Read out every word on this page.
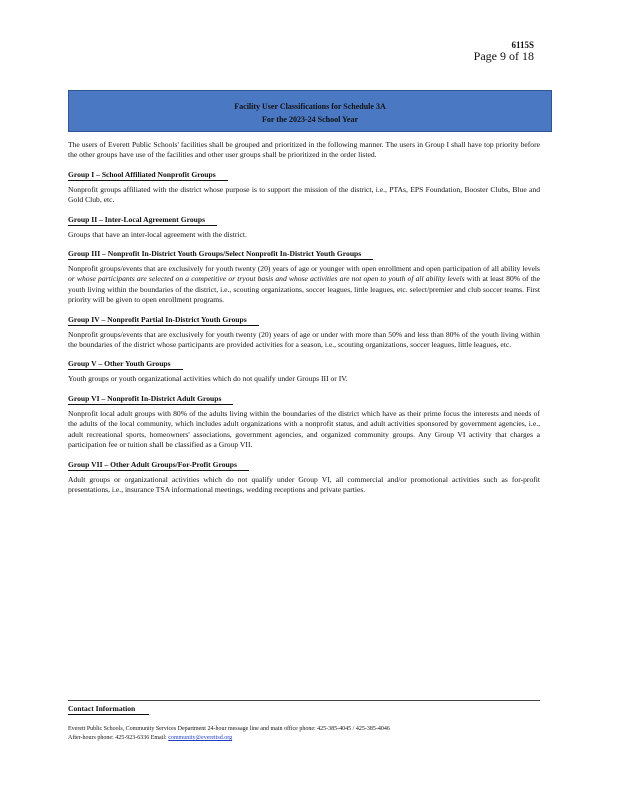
6115S
Page 9 of 18
Facility User Classifications for Schedule 3A
For the 2023-24 School Year

The users of Everett Public Schools' facilities shall be grouped and prioritized in the following manner. The users in Group I shall have top priority before the other groups have use of the facilities and other user groups shall be prioritized in the order listed.

Group I – School Affiliated Nonprofit Groups

Nonprofit groups affiliated with the district whose purpose is to support the mission of the district, i.e., PTAs, EPS Foundation, Booster Clubs, Blue and Gold Club, etc.

Group II – Inter-Local Agreement Groups

Groups that have an inter-local agreement with the district.

Group III – Nonprofit In-District Youth Groups/Select Nonprofit In-District Youth Groups

Nonprofit groups/events that are exclusively for youth twenty (20) years of age or younger with open enrollment and open participation of all ability levels or whose participants are selected on a competitive or tryout basis and whose activities are not open to youth of all ability levels with at least 80% of the youth living within the boundaries of the district, i.e., scouting organizations, soccer leagues, little leagues, etc. select/premier and club soccer teams. First priority will be given to open enrollment programs.

Group IV – Nonprofit Partial In-District Youth Groups

Nonprofit groups/events that are exclusively for youth twenty (20) years of age or under with more than 50% and less than 80% of the youth living within the boundaries of the district whose participants are provided activities for a season, i.e., scouting organizations, soccer leagues, little leagues, etc.

Group V – Other Youth Groups

Youth groups or youth organizational activities which do not qualify under Groups III or IV.

Group VI – Nonprofit In-District Adult Groups

Nonprofit local adult groups with 80% of the adults living within the boundaries of the district which have as their prime focus the interests and needs of the adults of the local community, which includes adult organizations with a nonprofit status, and adult activities sponsored by government agencies, i.e., adult recreational sports, homeowners' associations, government agencies, and organized community groups. Any Group VI activity that charges a participation fee or tuition shall be classified as a Group VII.

Group VII – Other Adult Groups/For-Profit Groups

Adult groups or organizational activities which do not qualify under Group VI, all commercial and/or promotional activities such as for-profit presentations, i.e., insurance TSA informational meetings, wedding receptions and private parties.

Contact Information
Everett Public Schools, Community Services Department 24-hour message line and main office phone: 425-385-4045 / 425-385-4046
After-hours phone: 425-923-6336 Email: community@everettsd.org
